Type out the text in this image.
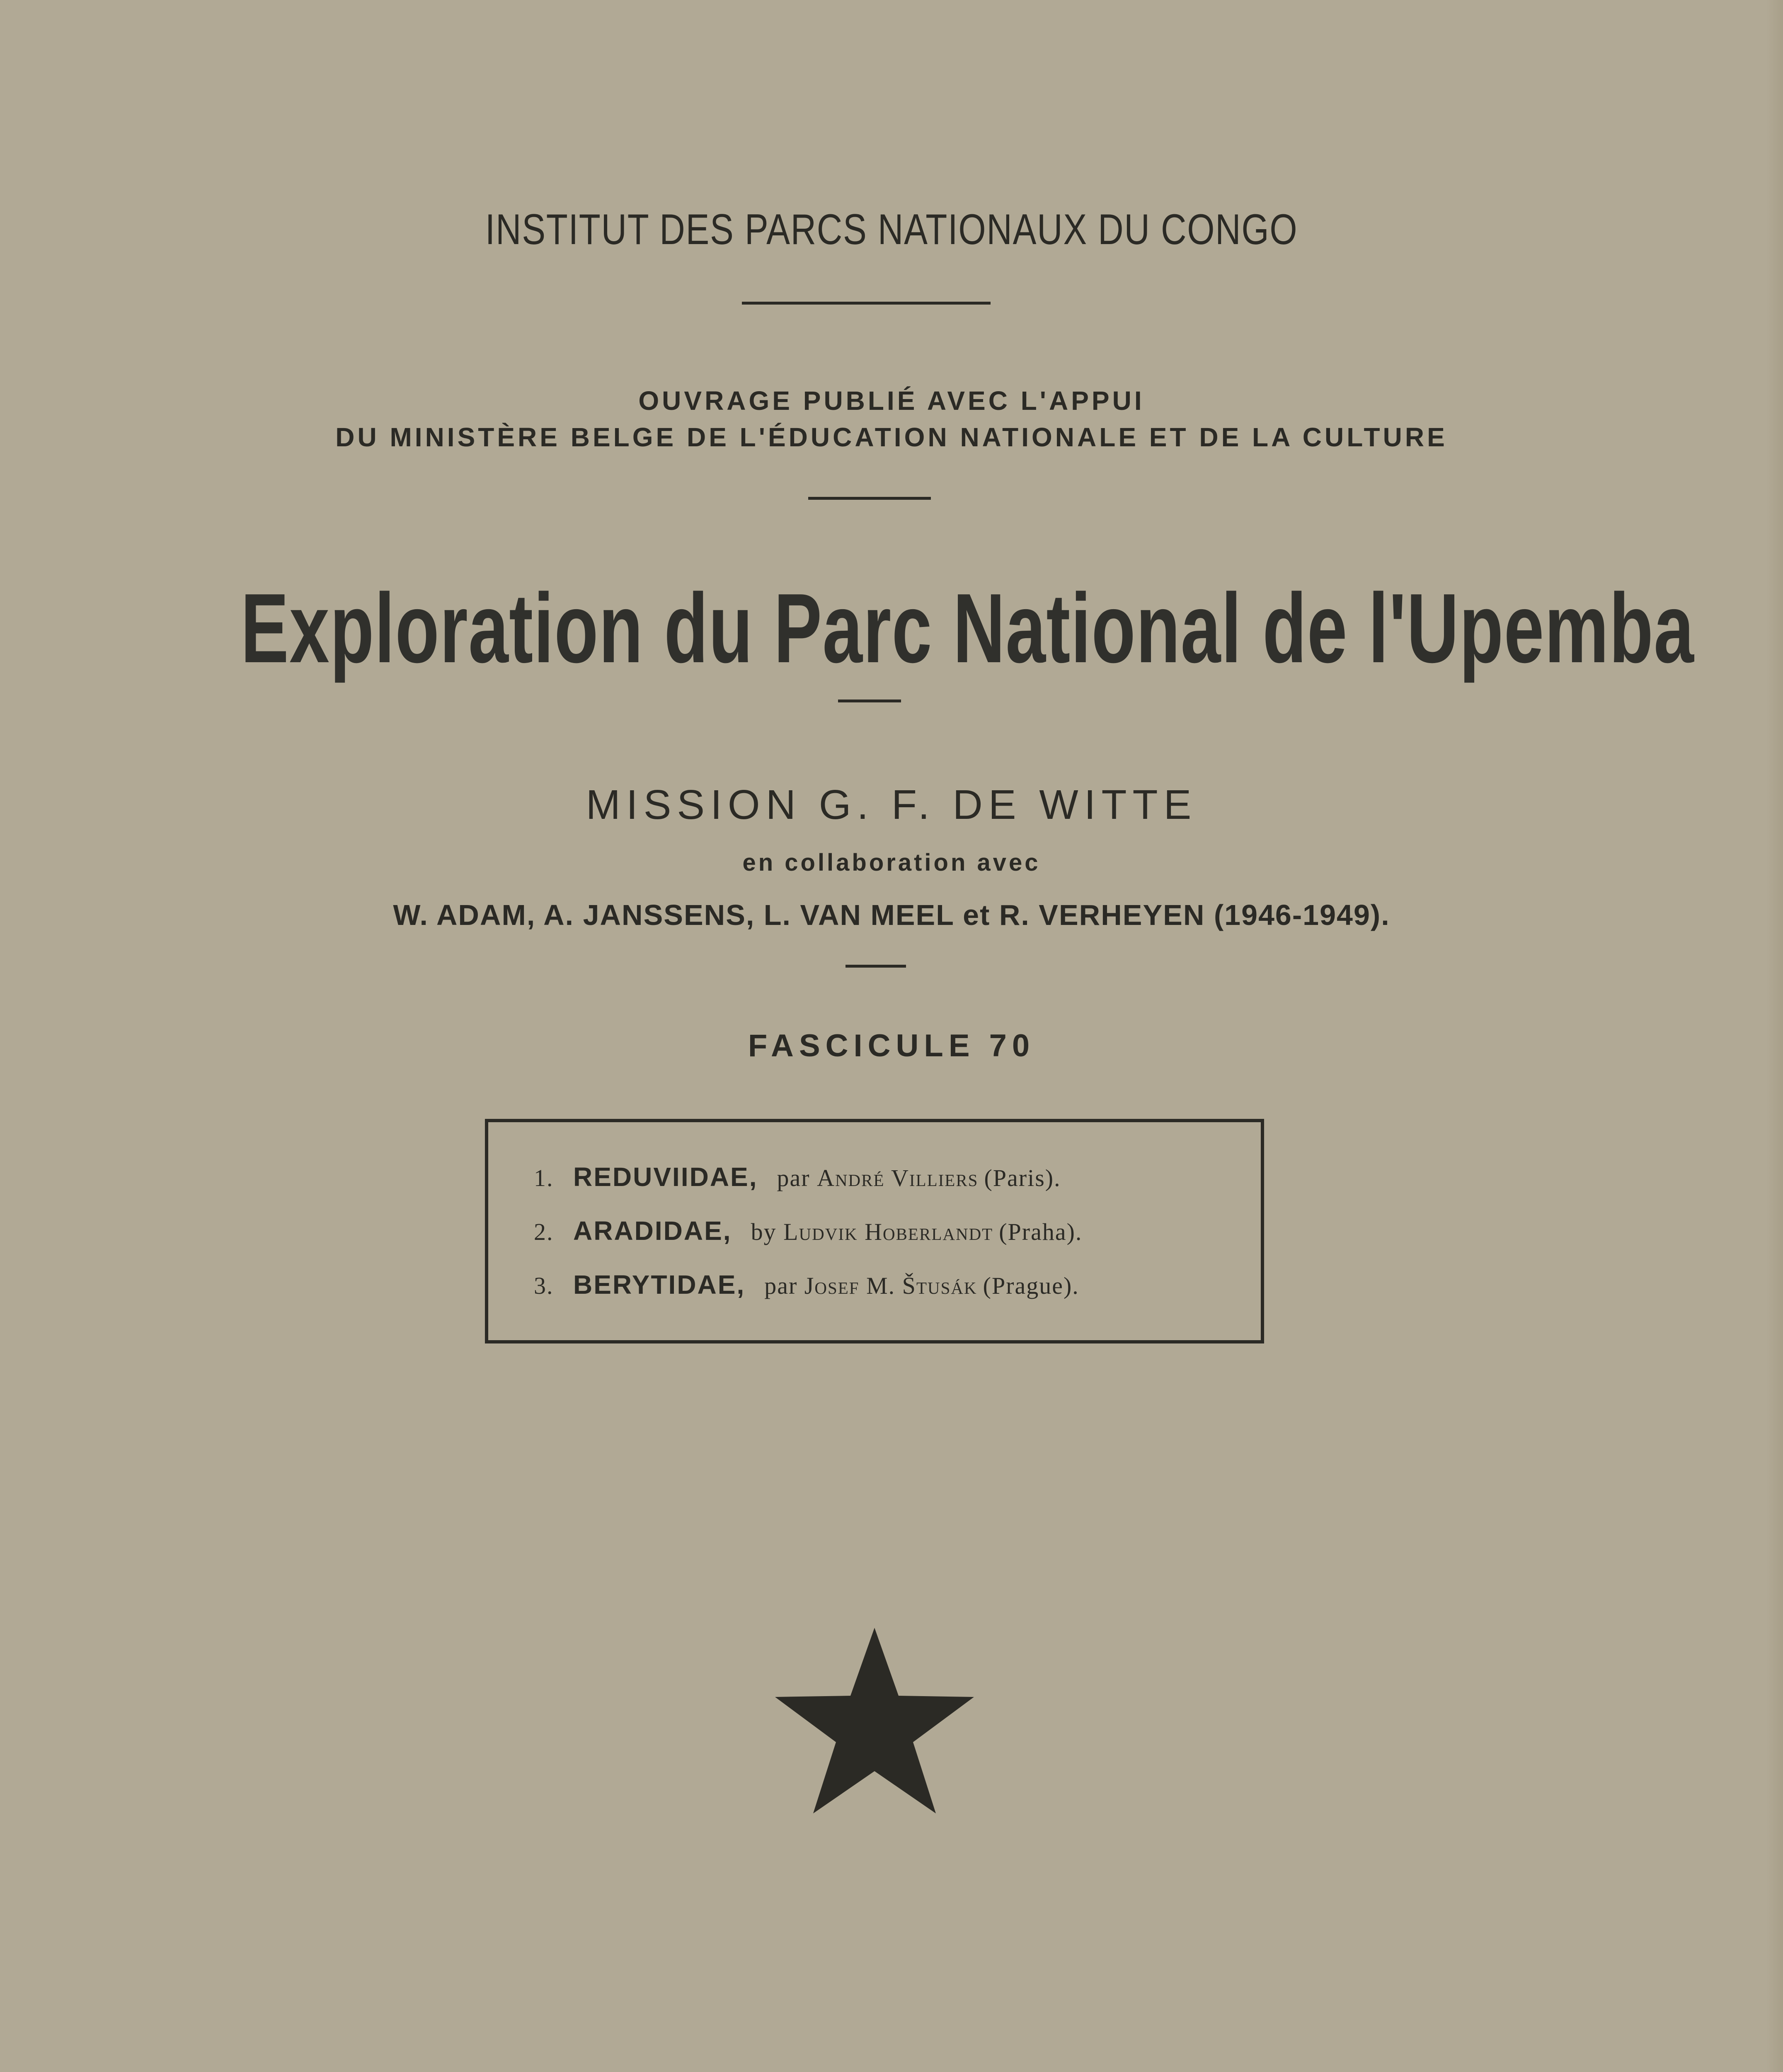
INSTITUT DES PARCS NATIONAUX DU CONGO
OUVRAGE PUBLIÉ AVEC L'APPUI
DU MINISTÈRE BELGE DE L'ÉDUCATION NATIONALE ET DE LA CULTURE
Exploration du Parc National de l'Upemba
MISSION G. F. DE WITTE
en collaboration avec
W. ADAM, A. JANSSENS, L. VAN MEEL et R. VERHEYEN (1946-1949).
FASCICULE 70
1. REDUVIIDAE, par André Villiers (Paris).
2. ARADIDAE, by Ludvik Hoberlandt (Praha).
3. BERYTIDAE, par Josef M. Štusák (Prague).
